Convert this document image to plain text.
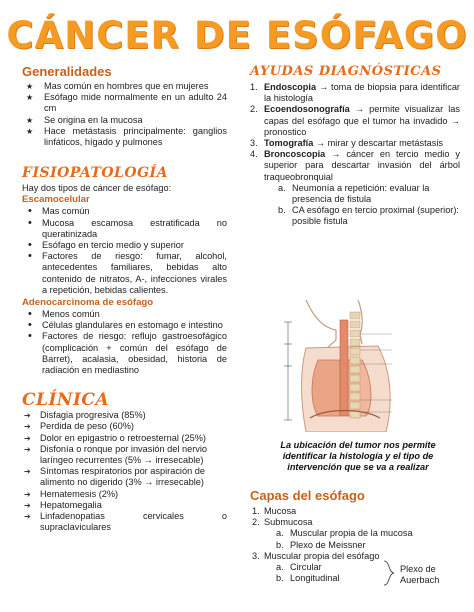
CÁNCER DE ESÓFAGO
Generalidades
★ Mas común en hombres que en mujeres
★ Esófago mide normalmente en un adulto 24 cm
★ Se origina en la mucosa
★ Hace metástasis principalmente: ganglios linfáticos, hígado y pulmones
FISIOPATOLOGÍA
Hay dos tipos de cáncer de esófago:
Escamocelular
• Mas común
• Mucosa escamosa estratificada no queratinizada
• Esófago en tercio medio y superior
• Factores de riesgo: fumar, alcohol, antecedentes familiares, bebidas alto contenido de nitratos, A-, infecciones virales a repetición, bebidas calientes.
Adenocarcinoma de esófago
• Menos común
• Células glandulares en estomago e intestino
• Factores de riesgo: reflujo gastroesofágico (complicación + común del esófago de Barret), acalasia, obesidad, historia de radiación en mediastino
CLÍNICA
➔ Disfagia progresiva (85%)
➔ Perdida de peso (60%)
➔ Dolor en epigastrio o retroesternal (25%)
➔ Disfonía o ronquе por invasión del nervio laríngeo recurrentes (5% → irresecable)
➔ Síntomas respiratorios por aspiración de alimento no digerido (3% → irresecable)
➔ Hematemesis (2%)
➔ Hepatomegalia
➔ Linfadenopatias cervicales o supraclaviculares
AYUDAS DIAGNÓSTICAS
1. Endoscopia → toma de biopsia para identificar la histología
2. Ecoendosonografía → permite visualizar las capas del esófago que el tumor ha invadido → pronostico
3. Tomografía → mirar y descartar metástasis
4. Broncoscopia → cáncer en tercio medio y superior para descartar invasión del árbol traqueobronquial
a. Neumonía a repetición: evaluar la presencia de fistula
b. CA esófago en tercio proximal (superior): posible fistula
La ubicación del tumor nos permite identificar la histología y el tipo de intervención que se va a realizar
Capas del esófago
1. Mucosa
2. Submucosa
a. Muscular propia de la mucosa
b. Plexo de Meissner
3. Muscular propia del esófago
a. Circular
b. Longitudinal
Plexo de Auerbach
